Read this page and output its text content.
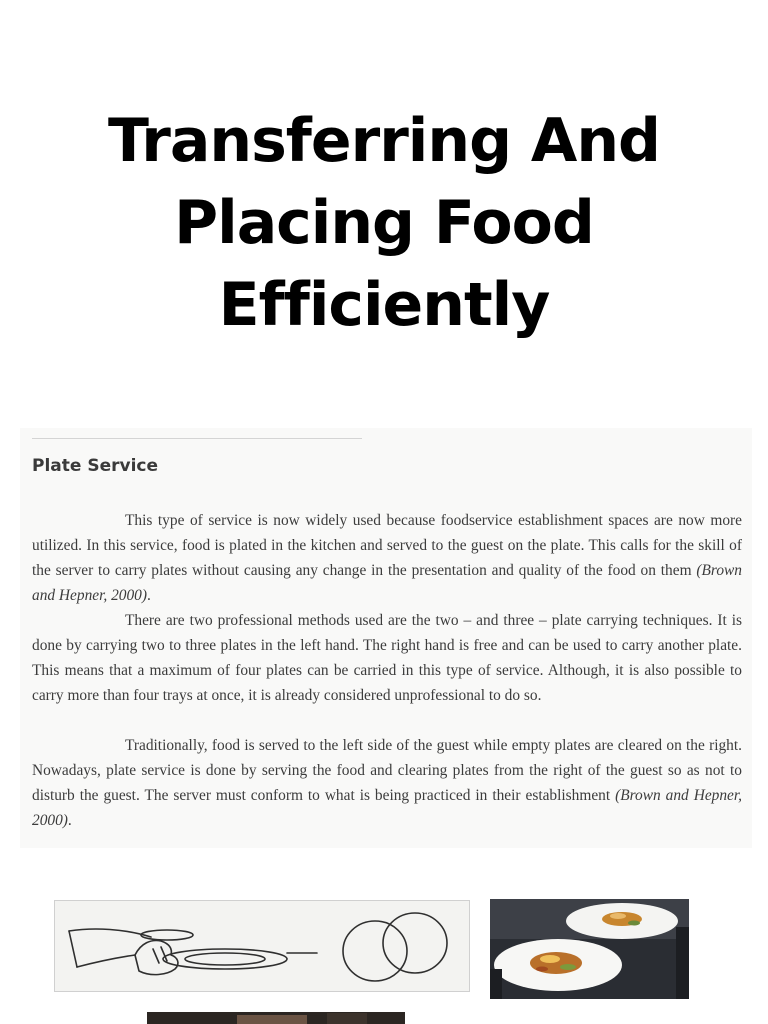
Transferring And
Placing Food
Efficiently
Plate Service

This type of service is now widely used because foodservice establishment spaces are now more utilized. In this service, food is plated in the kitchen and served to the guest on the plate. This calls for the skill of the server to carry plates without causing any change in the presentation and quality of the food on them (Brown and Hepner, 2000).

There are two professional methods used are the two – and three – plate carrying techniques. It is done by carrying two to three plates in the left hand. The right hand is free and can be used to carry another plate. This means that a maximum of four plates can be carried in this type of service. Although, it is also possible to carry more than four trays at once, it is already considered unprofessional to do so.

Traditionally, food is served to the left side of the guest while empty plates are cleared on the right. Nowadays, plate service is done by serving the food and clearing plates from the right of the guest so as not to disturb the guest. The server must conform to what is being practiced in their establishment (Brown and Hepner, 2000).
